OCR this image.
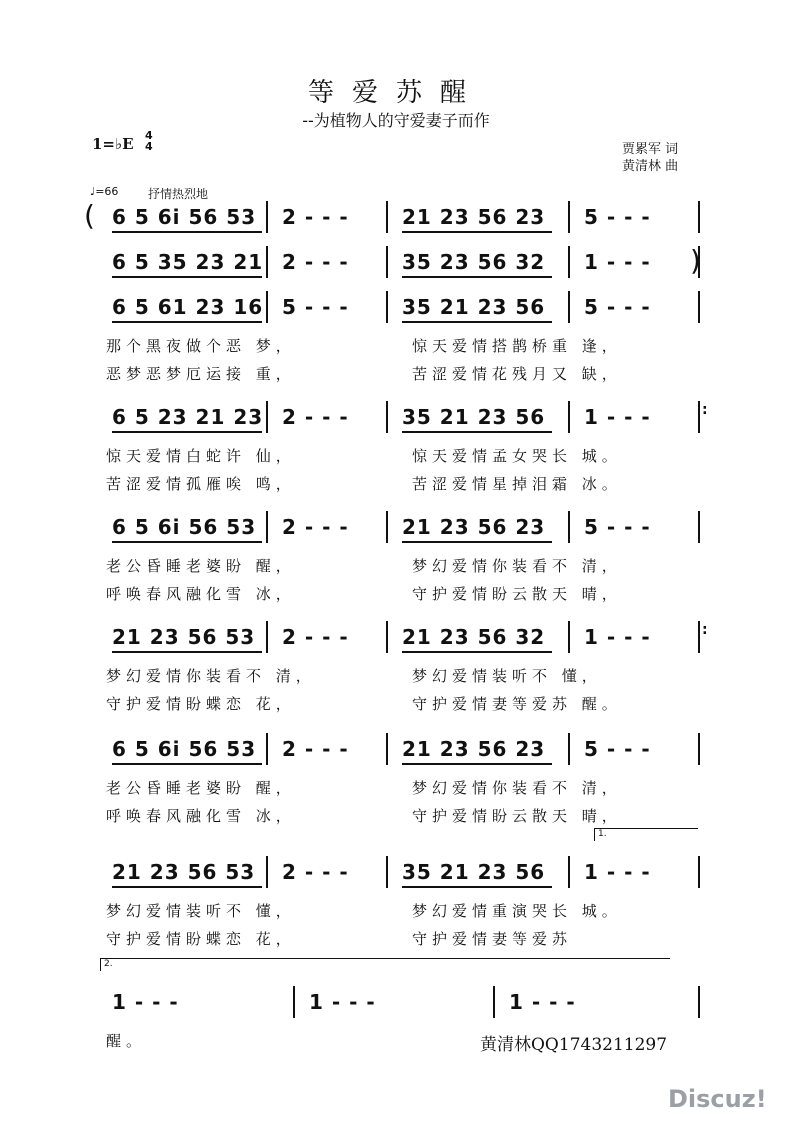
等爱苏醒
--为植物人的守爱妻子而作
1=♭E 4
4	贾累军 词
黄清林 曲
♩=66 抒情热烈地
6 5 6i 56 53 2 - - -	21 23 56 23 5 - - -
(
6 5 35 23 21 2 - - -	35 23 56 32 1 - - - )
6 5 61 23 16 5 - - -	35 21 23 56 5 - - -
那个黑夜做个恶 梦，
恶梦恶梦厄运接 重，
惊天爱情搭鹊桥重 逢，
苦涩爱情花残月又 缺，
6 5 23 21 23 2 - - -	35 21 23 56 1 - - -
惊天爱情白蛇许 仙，
苦涩爱情孤雁唉 鸣，
惊天爱情孟女哭长 城。
苦涩爱情星掉泪霜 冰。
:

6 5 6i 56 53 2 - - -	21 23 56 23 5 - - -
老公昏睡老婆盼 醒，
呼唤春风融化雪 冰，
梦幻爱情你装看不 清，
守护爱情盼云散天 晴，
21 23 56 53 2 - - -	21 23 56 32 1 - - -
梦幻爱情你装看不 清，
守护爱情盼蝶恋 花，
梦幻爱情装听不 懂，
守护爱情妻等爱苏 醒。
:

6 5 6i 56 53 2 - - -	21 23 56 23 5 - - -
老公昏睡老婆盼 醒，
呼唤春风融化雪 冰，
梦幻爱情你装看不 清，
守护爱情盼云散天 晴，
21 23 56 53 2 - - -	35 21 23 56 1 - - -
梦幻爱情装听不 懂，
守护爱情盼蝶恋 花，
梦幻爱情重演哭长 城。
守护爱情妻等爱苏
1 - - -	1 - - -	1 - - -
醒。
1.
2.
黄清林QQ1743211297
Discuz!
